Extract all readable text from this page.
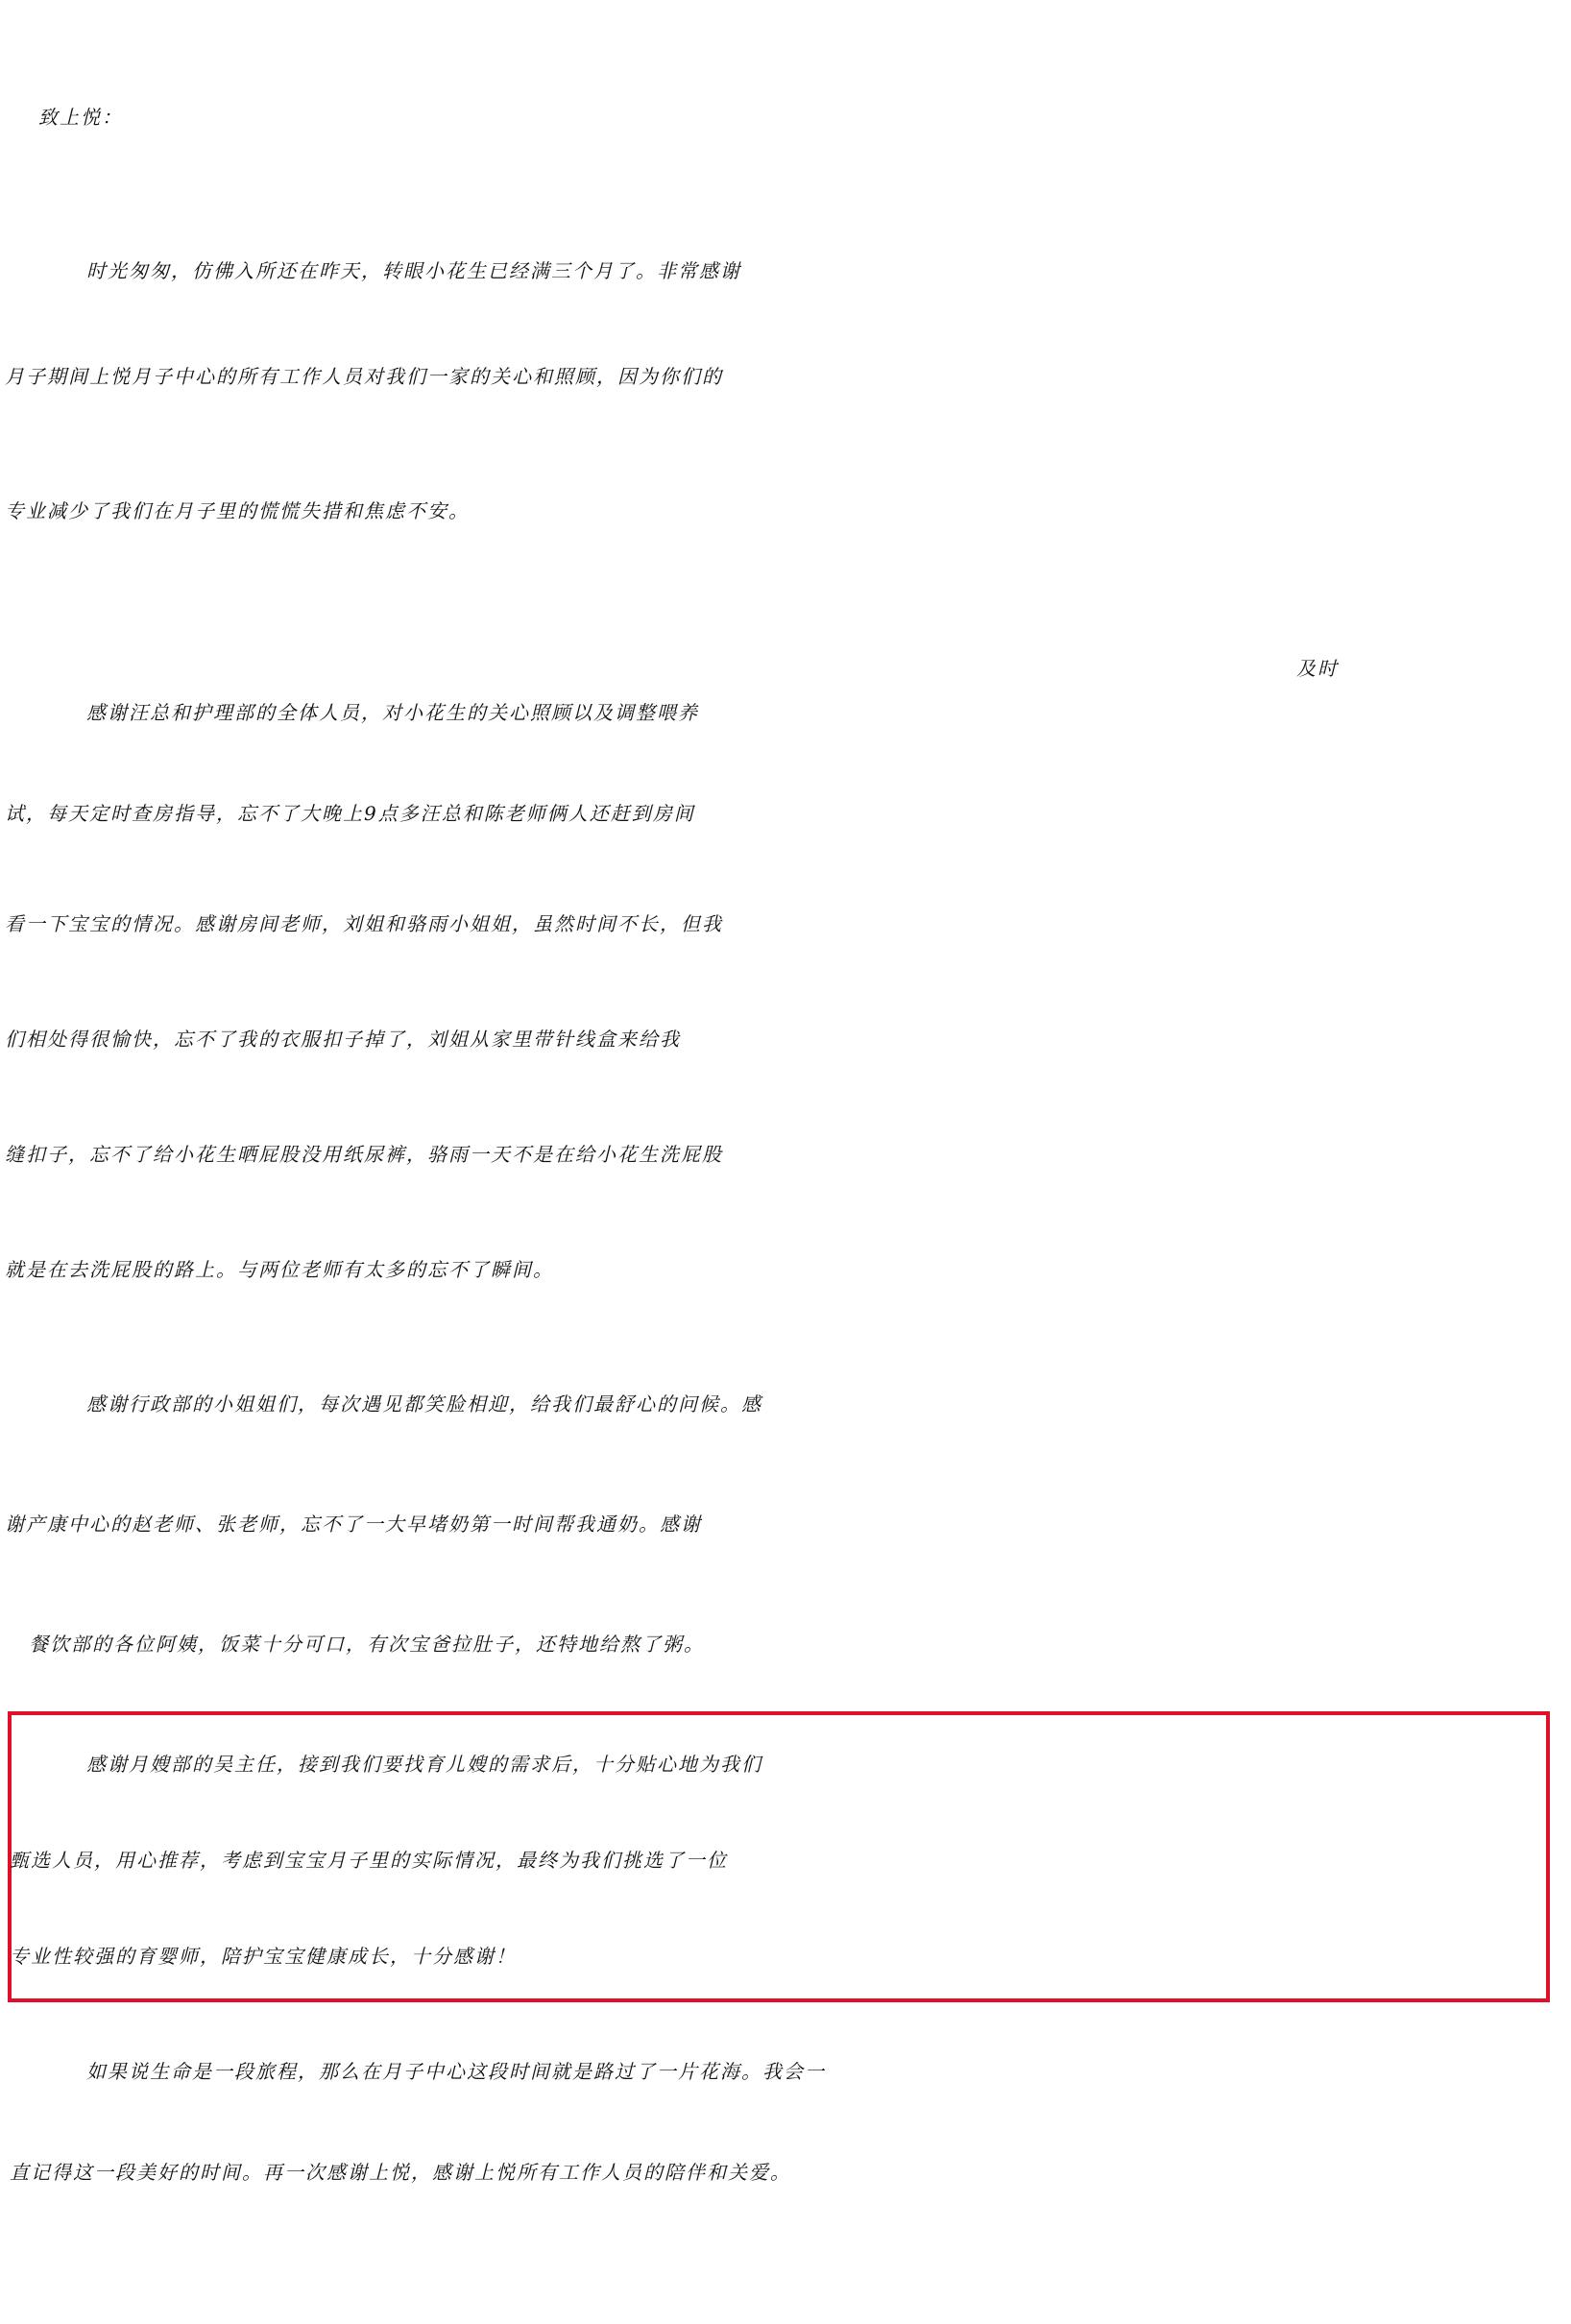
致上悦：
时光匆匆，仿佛入所还在昨天，转眼小花生已经满三个月了。非常感谢
月子期间上悦月子中心的所有工作人员对我们一家的关心和照顾，因为你们的
专业减少了我们在月子里的慌慌失措和焦虑不安。
及时
感谢汪总和护理部的全体人员，对小花生的关心照顾以及调整喂养
试，每天定时查房指导，忘不了大晚上9点多汪总和陈老师俩人还赶到房间
看一下宝宝的情况。感谢房间老师，刘姐和骆雨小姐姐，虽然时间不长，但我
们相处得很愉快，忘不了我的衣服扣子掉了，刘姐从家里带针线盒来给我
缝扣子，忘不了给小花生晒屁股没用纸尿裤，骆雨一天不是在给小花生洗屁股
就是在去洗屁股的路上。与两位老师有太多的忘不了瞬间。
感谢行政部的小姐姐们，每次遇见都笑脸相迎，给我们最舒心的问候。感
谢产康中心的赵老师、张老师，忘不了一大早堵奶第一时间帮我通奶。感谢
餐饮部的各位阿姨，饭菜十分可口，有次宝爸拉肚子，还特地给熬了粥。
感谢月嫂部的吴主任，接到我们要找育儿嫂的需求后，十分贴心地为我们
甄选人员，用心推荐，考虑到宝宝月子里的实际情况，最终为我们挑选了一位
专业性较强的育婴师，陪护宝宝健康成长，十分感谢！
如果说生命是一段旅程，那么在月子中心这段时间就是路过了一片花海。我会一
直记得这一段美好的时间。再一次感谢上悦，感谢上悦所有工作人员的陪伴和关爱。
